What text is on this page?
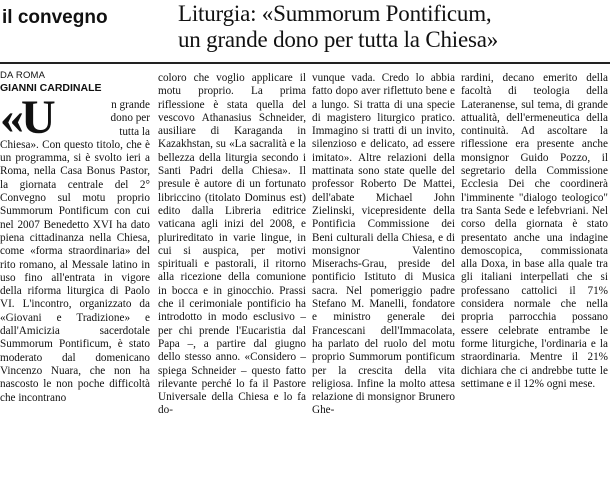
il convegno	Liturgia: «Summorum Pontificum,
un grande dono per tutta la Chiesa»
DA ROMA
GIANNI CARDINALE
«U	n grande
dono per
tutta la

Chiesa». Con questo titolo, che è un programma, si è svolto ieri a Roma, nella Casa Bonus Pastor, la giornata centrale del 2° Convegno sul motu proprio Summorum Pontificum con cui nel 2007 Benedetto XVI ha dato piena cittadinanza nella Chiesa, come «forma straordinaria» del rito romano, al Messale latino in uso fino all'entrata in vigore della riforma liturgica di Paolo VI. L'incontro, organizzato da «Giovani e Tradizione» e dall'Amicizia sacerdotale Summorum Pontificum, è stato moderato dal domenicano Vincenzo Nuara, che non ha nascosto le non poche difficoltà che incontrano

coloro che voglio applicare il motu proprio. La prima riflessione è stata quella del vescovo Athanasius Schneider, ausiliare di Karaganda in Kazakhstan, su «La sacralità e la bellezza della liturgia secondo i Santi Padri della Chiesa». Il presule è autore di un fortunato libriccino (titolato Dominus est) edito dalla Libreria editrice vaticana agli inizi del 2008, e plurireditato in varie lingue, in cui si auspica, per motivi spirituali e pastorali, il ritorno alla ricezione della comunione in bocca e in ginocchio. Prassi che il cerimoniale pontificio ha introdotto in modo esclusivo – per chi prende l'Eucaristia dal Papa –, a partire dal giugno dello stesso anno. «Considero – spiega Schneider – questo fatto rilevante perché lo fa il Pastore Universale della Chiesa e lo fa do-

vunque vada. Credo lo abbia fatto dopo aver riflettuto bene e a lungo. Si tratta di una specie di magistero liturgico pratico. Immagino si tratti di un invito, silenzioso e delicato, ad essere imitato». Altre relazioni della mattinata sono state quelle del professor Roberto De Mattei, dell'abate Michael John Zielinski, vicepresidente della Pontificia Commissione dei Beni culturali della Chiesa, e di monsignor Valentino Miserachs-Grau, preside del pontificio Istituto di Musica sacra. Nel pomeriggio padre Stefano M. Manelli, fondatore e ministro generale dei Francescani dell'Immacolata, ha parlato del ruolo del motu proprio Summorum pontificum per la crescita della vita religiosa. Infine la molto attesa relazione di monsignor Brunero Ghe-

rardini, decano emerito della facoltà di teologia della Lateranense, sul tema, di grande attualità, dell'ermeneutica della continuità. Ad ascoltare la riflessione era presente anche monsignor Guido Pozzo, il segretario della Commissione Ecclesia Dei che coordinerà l'imminente "dialogo teologico" tra Santa Sede e lefebvriani. Nel corso della giornata è stato presentato anche una indagine demoscopica, commissionata alla Doxa, in base alla quale tra gli italiani interpellati che si professano cattolici il 71% considera normale che nella propria parrocchia possano essere celebrate entrambe le forme liturgiche, l'ordinaria e la straordinaria. Mentre il 21% dichiara che ci andrebbe tutte le settimane e il 12% ogni mese.
